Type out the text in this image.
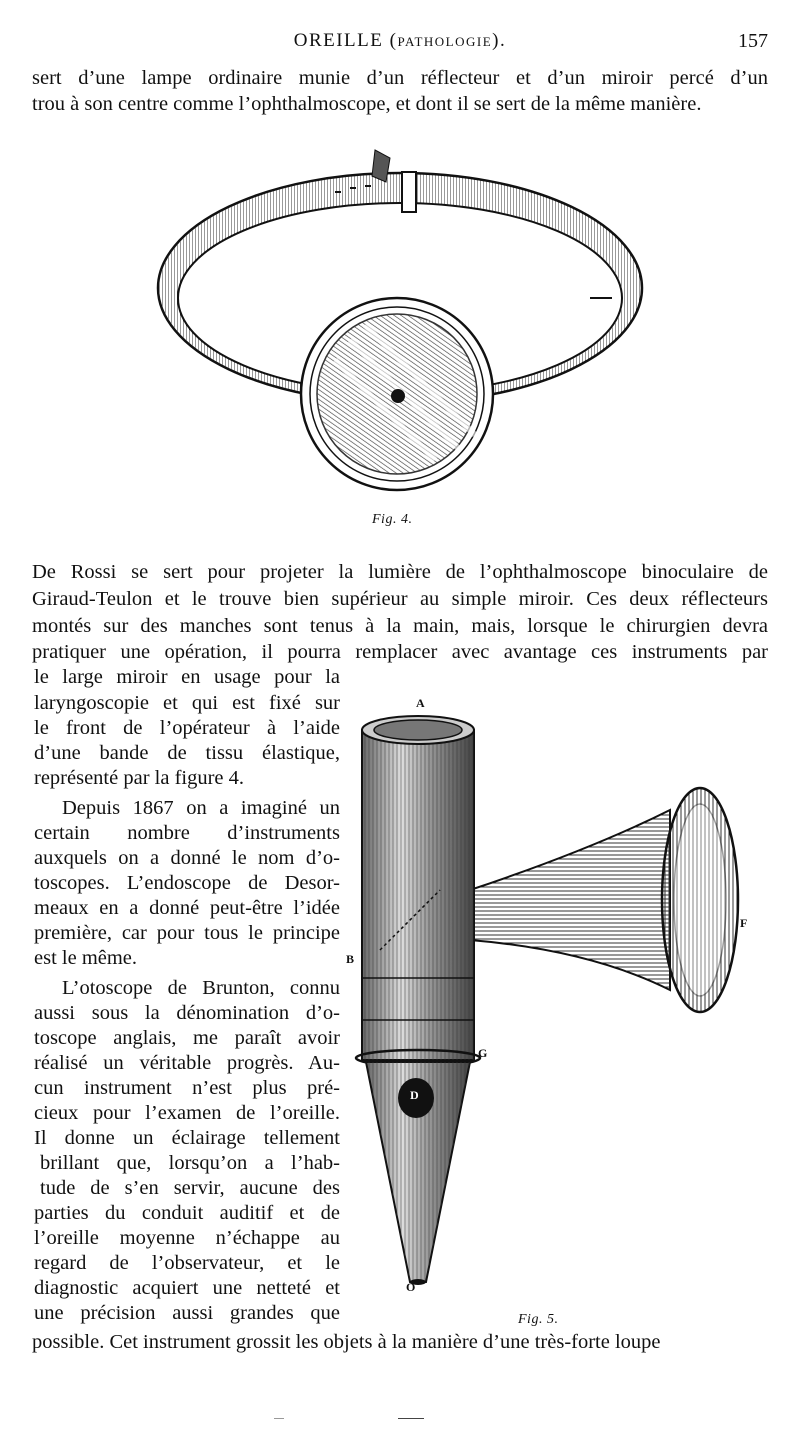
OREILLE (PATHOLOGIE).	157
sert d’une lampe ordinaire munie d’un réflecteur et d’un miroir percé d’un
trou à son centre comme l’ophthalmoscope, et dont il se sert de la même manière.
Fig. 4.
De Rossi se sert pour projeter la lumière de l’ophthalmoscope binoculaire de
Giraud-Teulon et le trouve bien supérieur au simple miroir. Ces deux réflecteurs
montés sur des manches sont tenus à la main, mais, lorsque le chirurgien devra
pratiquer une opération, il pourra remplacer avec avantage ces instruments par
le large miroir en usage pour la
laryngoscopie et qui est fixé sur
le front de l’opérateur à l’aide
d’une bande de tissu élastique,
représenté par la figure 4.
Depuis 1867 on a imaginé un
certain nombre d’instruments
auxquels on a donné le nom d’o-
toscopes. L’endoscope de Desor-
meaux en a donné peut-être l’idée
première, car pour tous le principe
est le même.
L’otoscope de Brunton, connu
aussi sous la dénomination d’o-
toscope anglais, me paraît avoir
réalisé un véritable progrès. Au-
cun instrument n’est plus pré-
cieux pour l’examen de l’oreille.
Il donne un éclairage tellement
brillant que, lorsqu’on a l’hab-
tude de s’en servir, aucune des
parties du conduit auditif et de
l’oreille moyenne n’échappe au
regard de l’observateur, et le
diagnostic acquiert une netteté et
une précision aussi grandes que
possible. Cet instrument grossit les objets à la manière d’une très-forte loupe
A
B
D
F
G
O
Fig. 5.
